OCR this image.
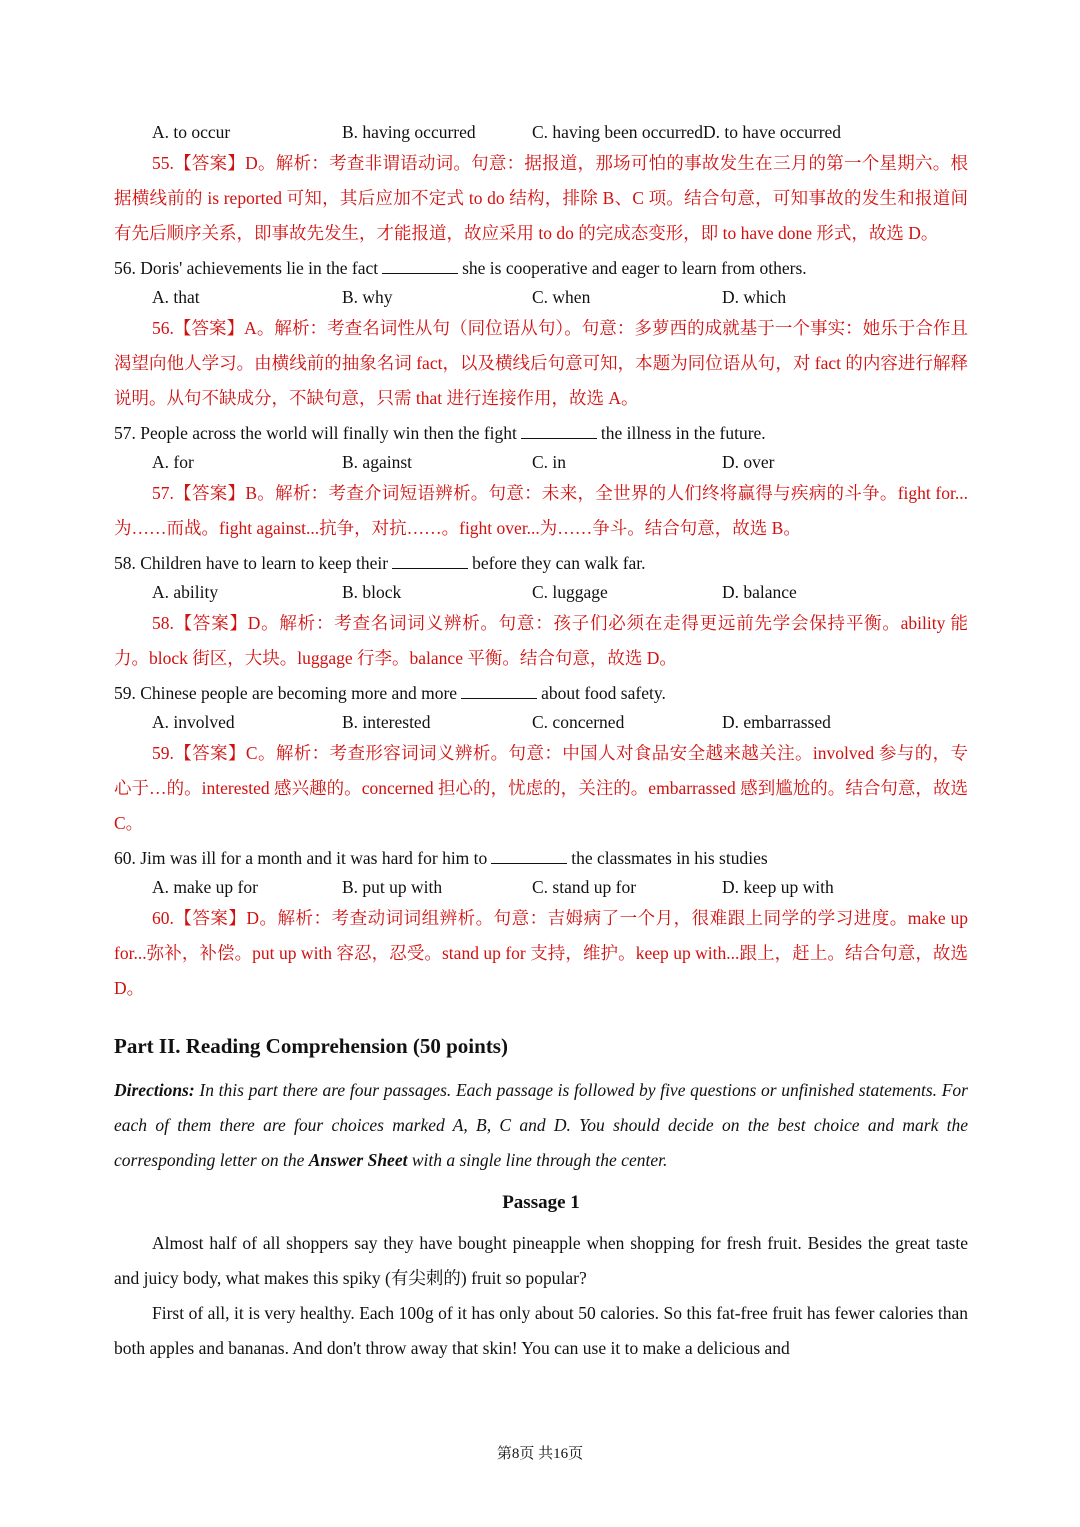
A. to occur	B. having occurred	C. having been occurred D. to have occurred
55.【答案】D。解析：考查非谓语动词。句意：据报道，那场可怕的事故发生在三月的第一个星期六。根据横线前的 is reported 可知，其后应加不定式 to do 结构，排除 B、C 项。结合句意，可知事故的发生和报道间有先后顺序关系，即事故先发生，才能报道，故应采用 to do 的完成态变形，即 to have done 形式，故选 D。
56. Doris' achievements lie in the fact	she is cooperative and eager to learn from others.
A. that	B. why	C. when	D. which
56.【答案】A。解析：考查名词性从句（同位语从句）。句意：多萝西的成就基于一个事实：她乐于合作且渴望向他人学习。由横线前的抽象名词 fact，以及横线后句意可知，本题为同位语从句，对 fact 的内容进行解释说明。从句不缺成分，不缺句意，只需 that 进行连接作用，故选 A。
57. People across the world will finally win then the fight	the illness in the future.
A. for	B. against	C. in	D. over
57.【答案】B。解析：考查介词短语辨析。句意：未来，全世界的人们终将赢得与疾病的斗争。fight for...为……而战。fight against...抗争，对抗……。fight over...为……争斗。结合句意，故选 B。
58. Children have to learn to keep their	before they can walk far.
A. ability	B. block	C. luggage	D. balance
58.【答案】D。解析：考查名词词义辨析。句意：孩子们必须在走得更远前先学会保持平衡。ability 能力。block 街区，大块。luggage 行李。balance 平衡。结合句意，故选 D。
59. Chinese people are becoming more and more	about food safety.
A. involved	B. interested	C. concerned	D. embarrassed
59.【答案】C。解析：考查形容词词义辨析。句意：中国人对食品安全越来越关注。involved 参与的，专心于…的。interested 感兴趣的。concerned 担心的，忧虑的，关注的。embarrassed 感到尴尬的。结合句意，故选 C。
60. Jim was ill for a month and it was hard for him to	the classmates in his studies
A. make up for	B. put up with	C. stand up for	D. keep up with
60.【答案】D。解析：考查动词词组辨析。句意：吉姆病了一个月，很难跟上同学的学习进度。make up for...弥补，补偿。put up with 容忍，忍受。stand up for 支持，维护。keep up with...跟上，赶上。结合句意，故选 D。
Part II. Reading Comprehension (50 points)
Directions: In this part there are four passages. Each passage is followed by five questions or unfinished statements. For each of them there are four choices marked A, B, C and D. You should decide on the best choice and mark the corresponding letter on the Answer Sheet with a single line through the center.
Passage 1
Almost half of all shoppers say they have bought pineapple when shopping for fresh fruit. Besides the great taste and juicy body, what makes this spiky (有尖刺的) fruit so popular?
First of all, it is very healthy. Each 100g of it has only about 50 calories. So this fat-free fruit has fewer calories than both apples and bananas. And don't throw away that skin! You can use it to make a delicious and
第8页 共16页
